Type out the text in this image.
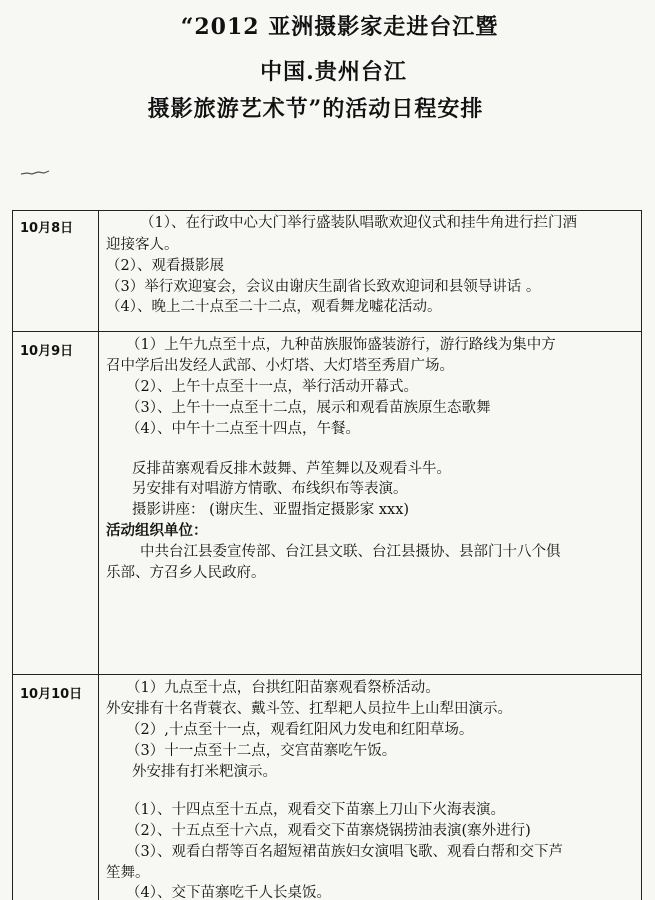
“2012 亚洲摄影家走进台江暨
中国.贵州台江
摄影旅游艺术节”的活动日程安排
10月8日	（1）、在行政中心大门举行盛装队唱歌欢迎仪式和挂牛角进行拦门酒
迎接客人。
（2）、观看摄影展
（3）举行欢迎宴会，会议由谢庆生副省长致欢迎词和县领导讲话 。
（4）、晚上二十点至二十二点，观看舞龙嘘花活动。
10月9日	（1）上午九点至十点，九种苗族服饰盛装游行，游行路线为集中方
召中学后出发经人武部、小灯塔、大灯塔至秀眉广场。
（2）、上午十点至十一点，举行活动开幕式。
（3）、上午十一点至十二点，展示和观看苗族原生态歌舞
（4）、中午十二点至十四点，午餐。
反排苗寨观看反排木鼓舞、芦笙舞以及观看斗牛。
另安排有对唱游方情歌、布线织布等表演。
摄影讲座： (谢庆生、亚盟指定摄影家 xxx)
活动组织单位：
中共台江县委宣传部、台江县文联、台江县摄协、县部门十八个俱
乐部、方召乡人民政府。
10月10日	（1）九点至十点，台拱红阳苗寨观看祭桥活动。
外安排有十名背蓑衣、戴斗笠、扛犁耙人员拉牛上山犁田演示。
（2）,十点至十一点，观看红阳风力发电和红阳草场。
（3）十一点至十二点，交宫苗寨吃午饭。
外安排有打米粑演示。
（1）、十四点至十五点，观看交下苗寨上刀山下火海表演。
（2）、十五点至十六点，观看交下苗寨烧锅捞油表演(寨外进行)
（3）、观看白帮等百名超短裙苗族妇女演唱飞歌、观看白帮和交下芦
笙舞。
（4）、交下苗寨吃千人长桌饭。
